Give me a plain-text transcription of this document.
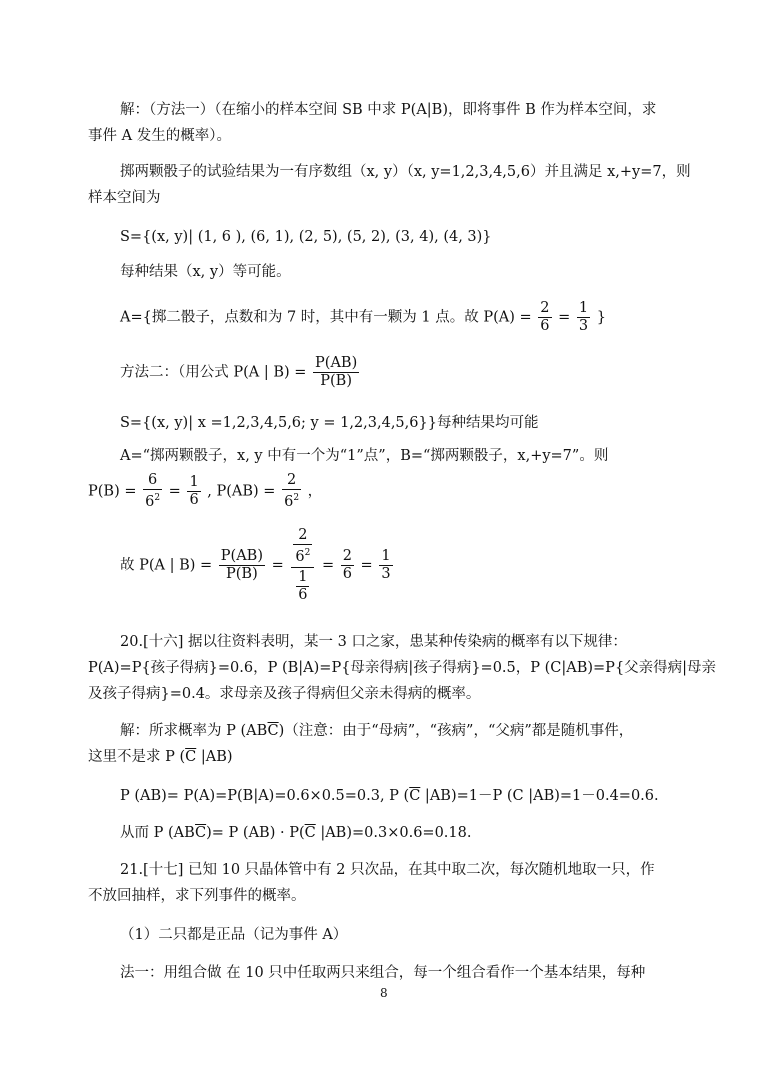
解：（方法一）（在缩小的样本空间 SB 中求 P(A|B)，即将事件 B 作为样本空间，求
事件 A 发生的概率）。
掷两颗骰子的试验结果为一有序数组（x, y）（x, y=1,2,3,4,5,6）并且满足 x,+y=7，则
样本空间为
S={(x, y)| (1, 6 ), (6, 1), (2, 5), (5, 2), (3, 4), (4, 3)}
每种结果（x, y）等可能。
A={掷二骰子，点数和为 7 时，其中有一颗为 1 点。故 $P(A) = \frac{2}{6} = \frac{1}{3}$ }
方法二：（用公式 P(A | $B) = \frac{P(AB)}{P(B)}$
S={(x, y)| x =1,2,3,4,5,6; y = 1,2,3,4,5,6}}每种结果均可能
A=“掷两颗骰子，x, y 中有一个为“1”点”，B=“掷两颗骰子，x,+y=7”。则
$P(B) = \frac{6}{6^2} = \frac{1}{6}$ , $P(AB) = \frac{2}{6^2}$ ，
故 P(A | $B) = \frac{P(AB)}{P(B)} = \frac{\frac{2}{6^2}}{\frac{1}{6}} = \frac{2}{6} = \frac{1}{3}$
20.[十六] 据以往资料表明，某一 3 口之家，患某种传染病的概率有以下规律：
P(A)=P{孩子得病}=0.6，P (B|A)=P{母亲得病|孩子得病}=0.5，P (C|AB)=P{父亲得病|母亲
及孩子得病}=0.4。求母亲及孩子得病但父亲未得病的概率。
解：所求概率为 P $(AB\overline{C})$（注意：由于“母病”，“孩病”，“父病”都是随机事件，
这里不是求 P ($\overline{C}$ |AB)
P (AB)= P(A)=P(B|A)=0.6×0.5=0.3, P ($\overline{C}$ |AB)=1－P (C |AB)=1－0.4=0.6.
从而 P $(AB\overline{C})= P$ $(AB) \cdot P(\overline{C}$ |AB)=0.3×0.6=0.18.
21.[十七] 已知 10 只晶体管中有 2 只次品，在其中取二次，每次随机地取一只，作
不放回抽样，求下列事件的概率。
（1）二只都是正品（记为事件 A）
法一：用组合做 在 10 只中任取两只来组合，每一个组合看作一个基本结果，每种
8
